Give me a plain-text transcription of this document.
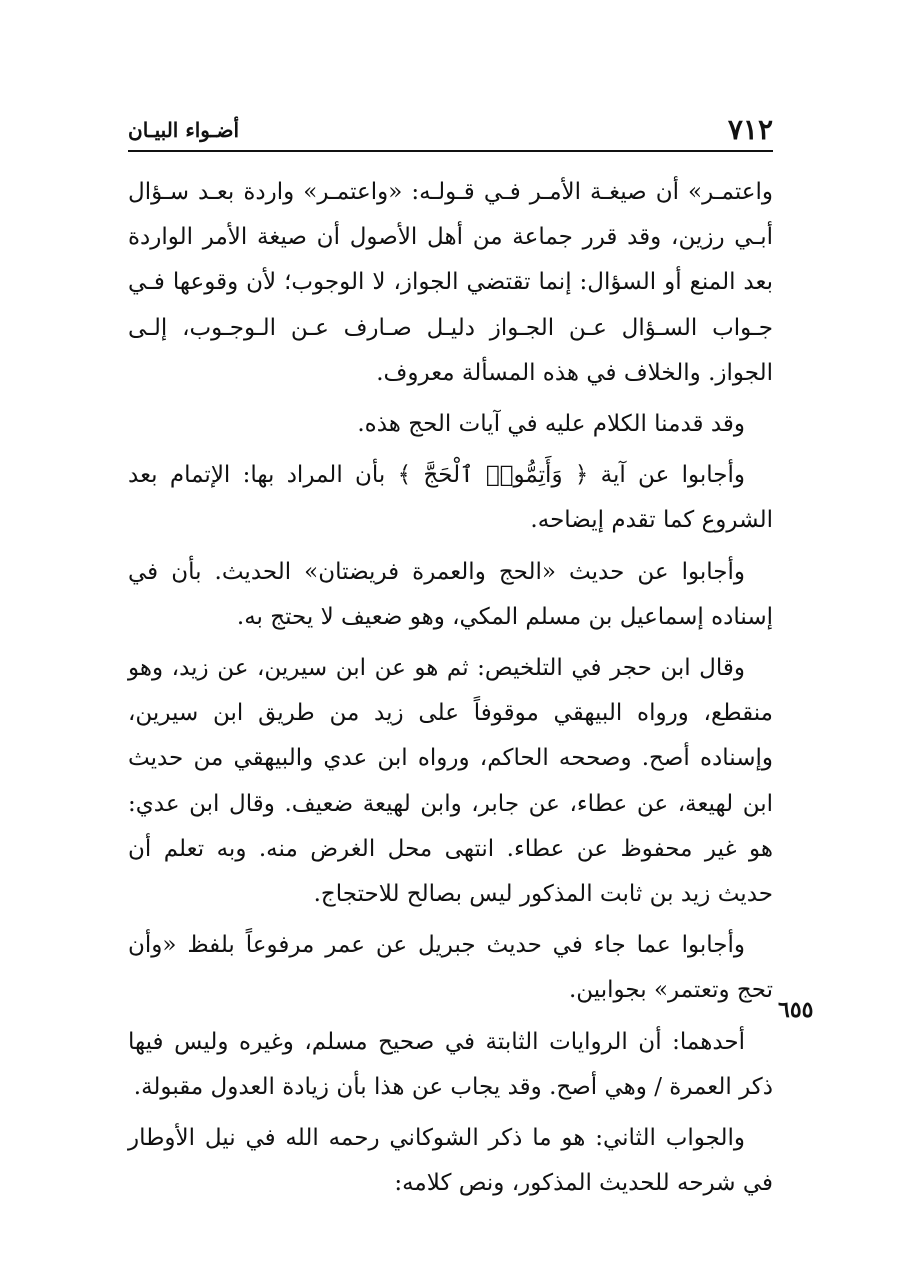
٧١٢
أضـواء البيـان

واعتمـر» أن صيغـة الأمـر فـي قـولـه: «واعتمـر» واردة بعـد سـؤال أبـي رزين، وقد قرر جماعة من أهل الأصول أن صيغة الأمر الواردة بعد المنع أو السؤال: إنما تقتضي الجواز، لا الوجوب؛ لأن وقوعها فـي جـواب السـؤال عـن الجـواز دليـل صـارف عـن الـوجـوب، إلـى الجواز. والخلاف في هذه المسألة معروف.

وقد قدمنا الكلام عليه في آيات الحج هذه.

وأجابوا عن آية ﴿ وَأَتِمُّوا۟ ٱلْحَجَّ ﴾ بأن المراد بها: الإتمام بعد الشروع كما تقدم إيضاحه.

وأجابوا عن حديث «الحج والعمرة فريضتان» الحديث. بأن في إسناده إسماعيل بن مسلم المكي، وهو ضعيف لا يحتج به.

وقال ابن حجر في التلخيص: ثم هو عن ابن سيرين، عن زيد، وهو منقطع، ورواه البيهقي موقوفاً على زيد من طريق ابن سيرين، وإسناده أصح. وصححه الحاكم، ورواه ابن عدي والبيهقي من حديث ابن لهيعة، عن عطاء، عن جابر، وابن لهيعة ضعيف. وقال ابن عدي: هو غير محفوظ عن عطاء. انتهى محل الغرض منه. وبه تعلم أن حديث زيد بن ثابت المذكور ليس بصالح للاحتجاج.

وأجابوا عما جاء في حديث جبريل عن عمر مرفوعاً بلفظ «وأن تحج وتعتمر» بجوابين.

أحدهما: أن الروايات الثابتة في صحيح مسلم، وغيره وليس فيها ذكر العمرة / وهي أصح. وقد يجاب عن هذا بأن زيادة العدول مقبولة.

والجواب الثاني: هو ما ذكر الشوكاني رحمه الله في نيل الأوطار في شرحه للحديث المذكور، ونص كلامه:

٦٥٥
